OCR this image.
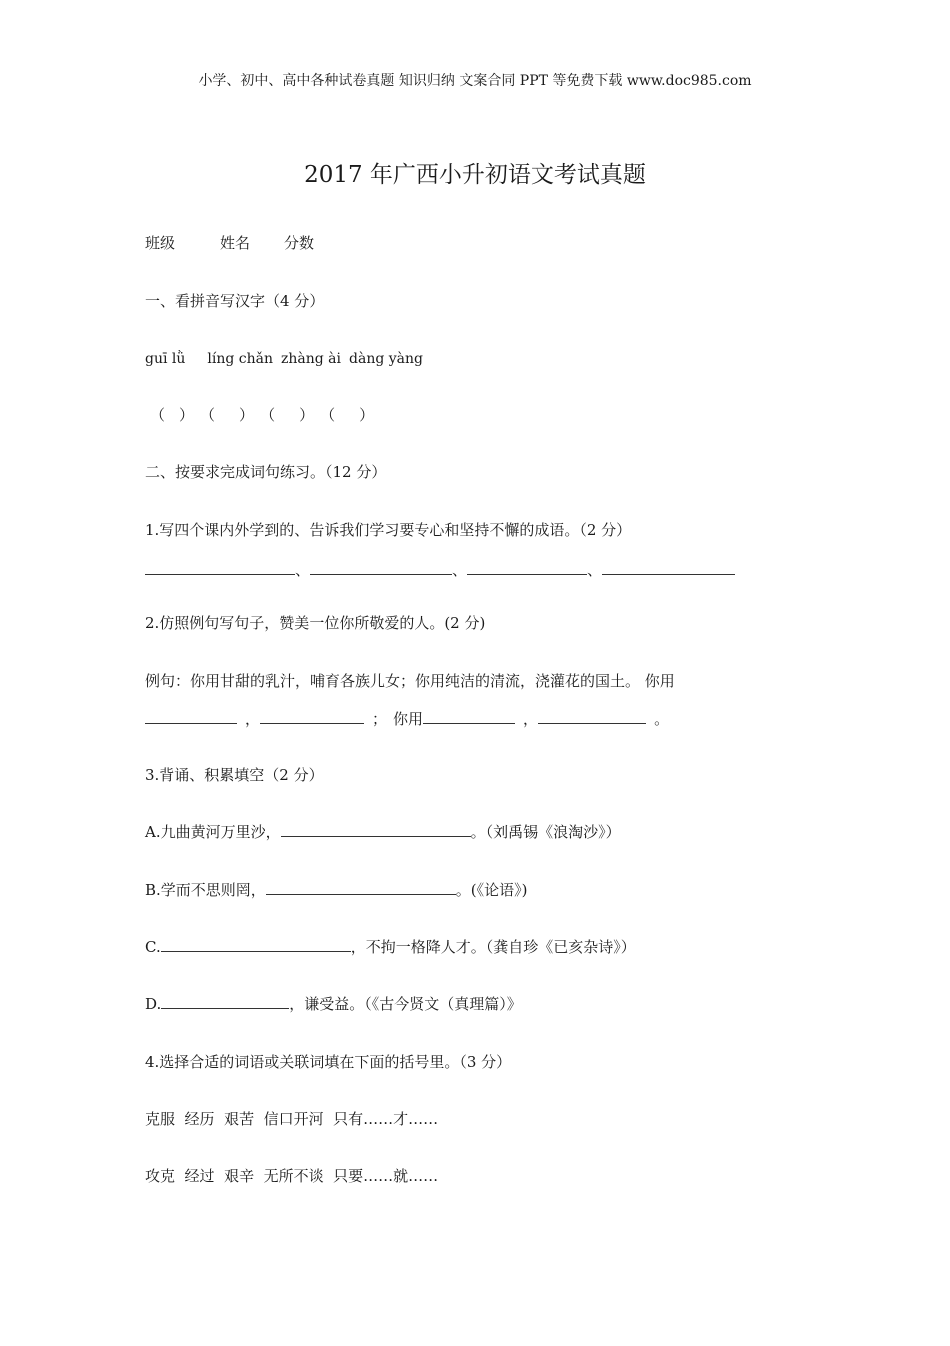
小学、初中、高中各种试卷真题 知识归纳 文案合同 PPT 等免费下载 www.doc985.com
2017 年广西小升初语文考试真题
班级	姓名 分数
一、看拼音写汉字（4 分）
guī lǜ líng chǎn zhàng ài dàng yàng
（ ） （ ） （ ） （ ）
二、按要求完成词句练习。（12 分）
1.写四个课内外学到的、告诉我们学习要专心和坚持不懈的成语。（2 分）
、	、	、
2.仿照例句写句子，赞美一位你所敬爱的人。(2 分)
例句：你用甘甜的乳汁，哺育各族儿女；你用纯洁的清流，浇灌花的国土。 你用
，	； 你用	，	。
3.背诵、积累填空（2 分）
A.九曲黄河万里沙，	。（刘禹锡《浪淘沙》）
B.学而不思则罔，	。(《论语》)
C.	，不拘一格降人才。（龚自珍《已亥杂诗》）
D.	，谦受益。（《古今贤文（真理篇）》
4.选择合适的词语或关联词填在下面的括号里。（3 分）
克服  经历  艰苦  信口开河  只有……才……
攻克  经过  艰辛  无所不谈  只要……就……
